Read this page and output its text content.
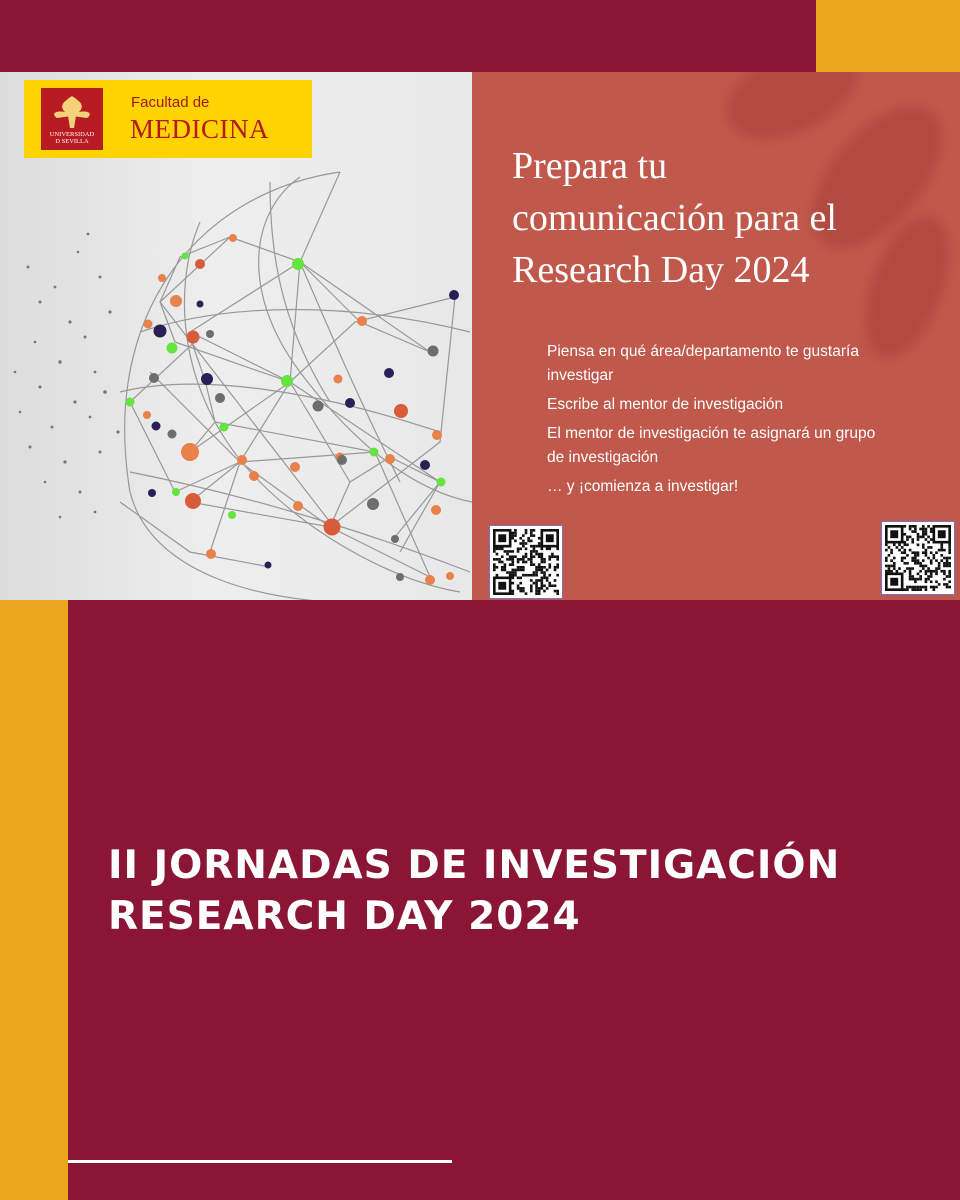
UNIVERSIDAD
D SEVILLA
Facultad de
MEDICINA
Prepara tu
comunicación para el
Research Day 2024
Piensa en qué área/departamento te gustaría investigar
Escribe al mentor de investigación
El mentor de investigación te asignará un grupo de investigación
… y ¡comienza a investigar!
II JORNADAS DE INVESTIGACIÓN
RESEARCH DAY 2024
